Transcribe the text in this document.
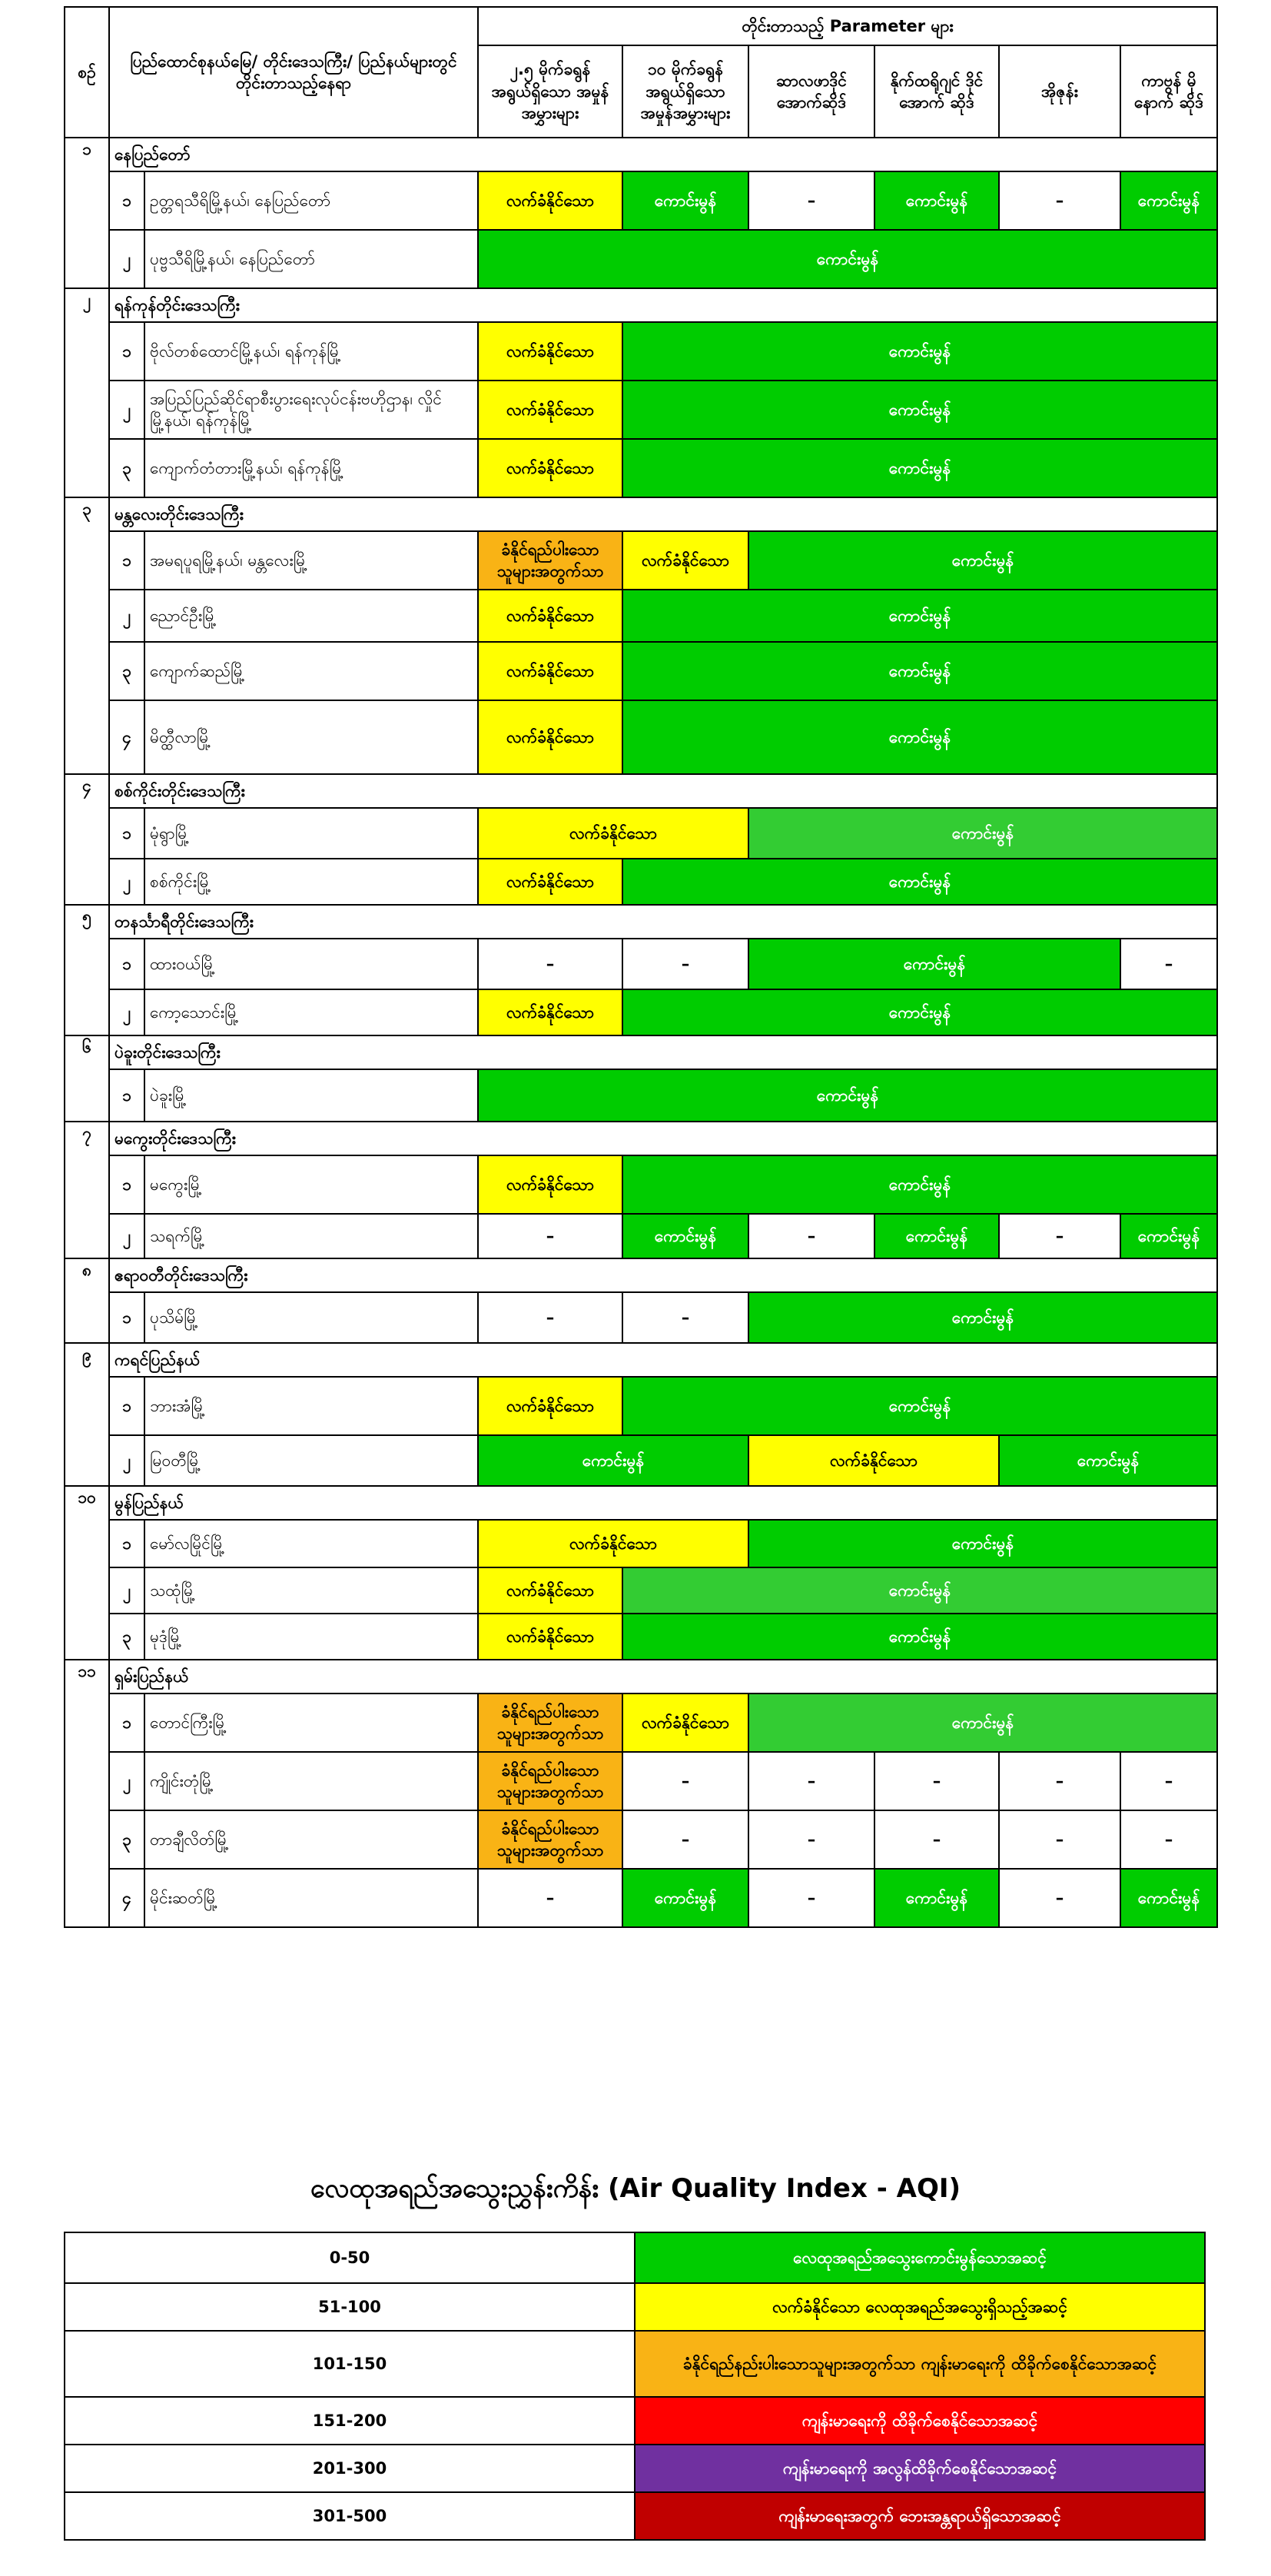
စဉ်	ပြည်ထောင်စုနယ်မြေ/ တိုင်းဒေသကြီး/ ပြည်နယ်များတွင် တိုင်းတာသည့်နေရာ		တိုင်းတာသည့် Parameter များ					
			၂.၅ မိုက်ခရွန် အရွယ်ရှိသော အမှုန်အမွှားများ	၁၀ မိုက်ခရွန် အရွယ်ရှိသော အမှုန်အမွှားများ	ဆာလဖာဒိုင် အောက်ဆိုဒ်	နိုက်ထရိုဂျင် ဒိုင်အောက် ဆိုဒ်	အိုဇုန်း	ကာဗွန် မိုနောက် ဆိုဒ်
၁	နေပြည်တော်							
	၁	ဥတ္တရသီရိမြို့နယ်၊ နေပြည်တော်	လက်ခံနိုင်သော	ကောင်းမွန်	–	ကောင်းမွန်	–	ကောင်းမွန်
	၂	ပုဗ္ဗသီရိမြို့နယ်၊ နေပြည်တော်	ကောင်းမွန်					
၂	ရန်ကုန်တိုင်းဒေသကြီး							
	၁	ဗိုလ်တစ်ထောင်မြို့နယ်၊ ရန်ကုန်မြို့	လက်ခံနိုင်သော	ကောင်းမွန်				
	၂	အပြည်ပြည်ဆိုင်ရာစီးပွားရေးလုပ်ငန်းဗဟိုဌာန၊ လှိုင်မြို့နယ်၊ ရန်ကုန်မြို့	လက်ခံနိုင်သော	ကောင်းမွန်				
	၃	ကျောက်တံတားမြို့နယ်၊ ရန်ကုန်မြို့	လက်ခံနိုင်သော	ကောင်းမွန်				
၃	မန္တလေးတိုင်းဒေသကြီး							
	၁	အမရပူရမြို့နယ်၊ မန္တလေးမြို့	ခံနိုင်ရည်ပါးသော သူများအတွက်သာ	လက်ခံနိုင်သော	ကောင်းမွန်			
	၂	ညောင်ဦးမြို့	လက်ခံနိုင်သော	ကောင်းမွန်				
	၃	ကျောက်ဆည်မြို့	လက်ခံနိုင်သော	ကောင်းမွန်				
	၄	မိတ္ထီလာမြို့	လက်ခံနိုင်သော	ကောင်းမွန်				
၄	စစ်ကိုင်းတိုင်းဒေသကြီး							
	၁	မုံရွာမြို့	လက်ခံနိုင်သော		ကောင်းမွန်			
	၂	စစ်ကိုင်းမြို့	လက်ခံနိုင်သော	ကောင်းမွန်				
၅	တနင်္သာရီတိုင်းဒေသကြီး							
	၁	ထားဝယ်မြို့	–	–	ကောင်းမွန်			–
	၂	ကော့သောင်းမြို့	လက်ခံနိုင်သော	ကောင်းမွန်				
၆	ပဲခူးတိုင်းဒေသကြီး							
	၁	ပဲခူးမြို့	ကောင်းမွန်					
၇	မကွေးတိုင်းဒေသကြီး							
	၁	မကွေးမြို့	လက်ခံနိုင်သော	ကောင်းမွန်				
	၂	သရက်မြို့	–	ကောင်းမွန်	–	ကောင်းမွန်	–	ကောင်းမွန်
၈	ဧရာဝတီတိုင်းဒေသကြီး							
	၁	ပုသိမ်မြို့	–	–	ကောင်းမွန်			
၉	ကရင်ပြည်နယ်							
	၁	ဘားအံမြို့	လက်ခံနိုင်သော	ကောင်းမွန်				
	၂	မြဝတီမြို့	ကောင်းမွန်		လက်ခံနိုင်သော		ကောင်းမွန်	
၁၀	မွန်ပြည်နယ်							
	၁	မော်လမြိုင်မြို့	လက်ခံနိုင်သော		ကောင်းမွန်			
	၂	သထုံမြို့	လက်ခံနိုင်သော	ကောင်းမွန်				
	၃	မုဒုံမြို့	လက်ခံနိုင်သော	ကောင်းမွန်				
၁၁	ရှမ်းပြည်နယ်							
	၁	တောင်ကြီးမြို့	ခံနိုင်ရည်ပါးသော သူများအတွက်သာ	လက်ခံနိုင်သော	ကောင်းမွန်			
	၂	ကျိုင်းတုံမြို့	ခံနိုင်ရည်ပါးသော သူများအတွက်သာ	–	–	–	–	–
	၃	တာချီလိတ်မြို့	ခံနိုင်ရည်ပါးသော သူများအတွက်သာ	–	–	–	–	–
	၄	မိုင်းဆတ်မြို့	–	ကောင်းမွန်	–	ကောင်းမွန်	–	ကောင်းမွန်
လေထုအရည်အသွေးညွှန်းကိန်း (Air Quality Index - AQI)
0-50	လေထုအရည်အသွေးကောင်းမွန်သောအဆင့်
51-100	လက်ခံနိုင်သော လေထုအရည်အသွေးရှိသည့်အဆင့်
101-150	ခံနိုင်ရည်နည်းပါးသောသူများအတွက်သာ ကျန်းမာရေးကို ထိခိုက်စေနိုင်သောအဆင့်
151-200	ကျန်းမာရေးကို ထိခိုက်စေနိုင်သောအဆင့်
201-300	ကျန်းမာရေးကို အလွန်ထိခိုက်စေနိုင်သောအဆင့်
301-500	ကျန်းမာရေးအတွက် ဘေးအန္တရာယ်ရှိသောအဆင့်
